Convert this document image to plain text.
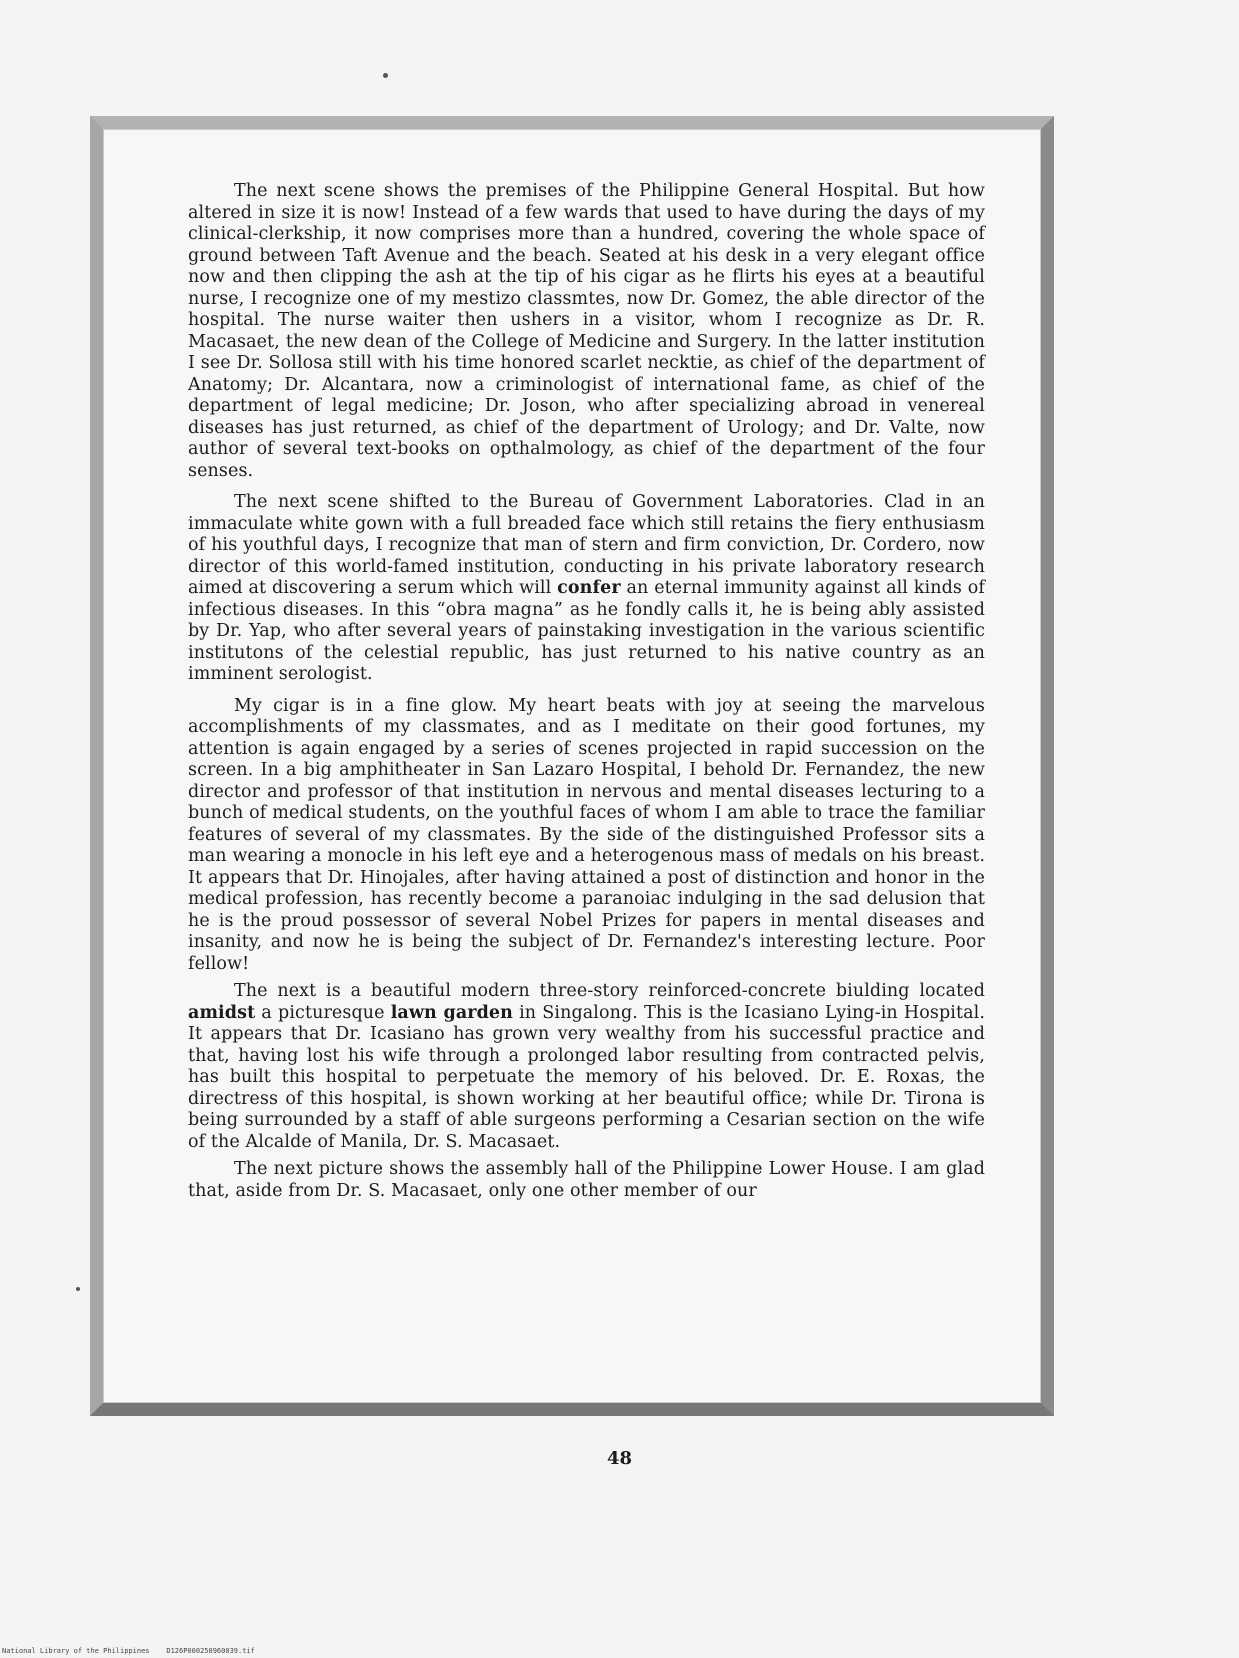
The next scene shows the premises of the Philippine General Hospital. But how altered in size it is now! Instead of a few wards that used to have during the days of my clinical-clerkship, it now comprises more than a hundred, covering the whole space of ground between Taft Avenue and the beach. Seated at his desk in a very elegant office now and then clipping the ash at the tip of his cigar as he flirts his eyes at a beautiful nurse, I recognize one of my mestizo classmtes, now Dr. Gomez, the able director of the hospital. The nurse waiter then ushers in a visitor, whom I recognize as Dr. R. Macasaet, the new dean of the College of Medicine and Surgery. In the latter institution I see Dr. Sollosa still with his time honored scarlet necktie, as chief of the department of Anatomy; Dr. Alcantara, now a criminologist of international fame, as chief of the department of legal medicine; Dr. Joson, who after specializing abroad in venereal diseases has just returned, as chief of the department of Urology; and Dr. Valte, now author of several text-books on opthalmology, as chief of the department of the four senses.

The next scene shifted to the Bureau of Government Laboratories. Clad in an immaculate white gown with a full breaded face which still retains the fiery enthusiasm of his youthful days, I recognize that man of stern and firm conviction, Dr. Cordero, now director of this world-famed institution, conducting in his private laboratory research aimed at discovering a serum which will confer an eternal immunity against all kinds of infectious diseases. In this “obra magna” as he fondly calls it, he is being ably assisted by Dr. Yap, who after several years of painstaking investigation in the various scientific institutons of the celestial republic, has just returned to his native country as an imminent serologist.

My cigar is in a fine glow. My heart beats with joy at seeing the marvelous accomplishments of my classmates, and as I meditate on their good fortunes, my attention is again engaged by a series of scenes projected in rapid succession on the screen. In a big amphitheater in San Lazaro Hospital, I behold Dr. Fernandez, the new director and professor of that institution in nervous and mental diseases lecturing to a bunch of medical students, on the youthful faces of whom I am able to trace the familiar features of several of my classmates. By the side of the distinguished Professor sits a man wearing a monocle in his left eye and a heterogenous mass of medals on his breast. It appears that Dr. Hinojales, after having attained a post of distinction and honor in the medical profession, has recently become a paranoiac indulging in the sad delusion that he is the proud possessor of several Nobel Prizes for papers in mental diseases and insanity, and now he is being the subject of Dr. Fernandez's interesting lecture. Poor fellow!

The next is a beautiful modern three-story reinforced-concrete biulding located amidst a picturesque lawn garden in Singalong. This is the Icasiano Lying-in Hospital. It appears that Dr. Icasiano has grown very wealthy from his successful practice and that, having lost his wife through a prolonged labor resulting from contracted pelvis, has built this hospital to perpetuate the memory of his beloved. Dr. E. Roxas, the directress of this hospital, is shown working at her beautiful office; while Dr. Tirona is being surrounded by a staff of able surgeons performing a Cesarian section on the wife of the Alcalde of Manila, Dr. S. Macasaet.

The next picture shows the assembly hall of the Philippine Lower House. I am glad that, aside from Dr. S. Macasaet, only one other member of our

48
National Library of the Philippines    D126P000250960039.tif
